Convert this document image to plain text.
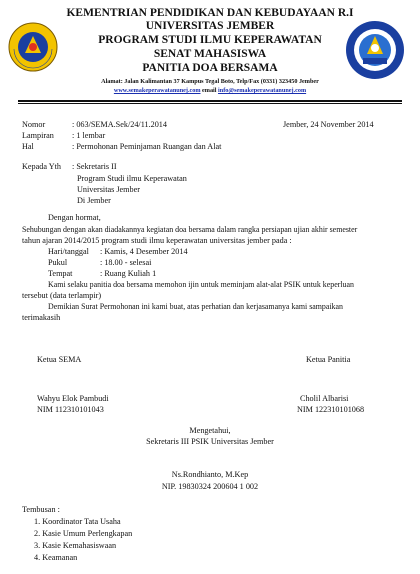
KEMENTRIAN PENDIDIKAN DAN KEBUDAYAAN R.I
UNIVERSITAS JEMBER
PROGRAM STUDI ILMU KEPERAWATAN
SENAT MAHASISWA
PANITIA DOA BERSAMA
Alamat: Jalan Kalimantan 37 Kampus Tegal Boto, Telp/Fax (0331) 323450 Jember
www.semakeperawatanunej.com email info@semakeperawatanunej.com
Nomor	: 063/SEMA.Sek/24/11.2014	Jember, 24 November 2014
Lampiran : 1 lembar
Hal	: Permohonan Peminjaman Ruangan dan Alat
Kepada Yth : Sekretaris II
Program Studi ilmu Keperawatan
Universitas Jember
Di Jember
Dengan hormat,
Sehubungan dengan akan diadakannya kegiatan doa bersama dalam rangka persiapan ujian akhir semester
tahun ajaran 2014/2015 program studi ilmu keperawatan universitas jember pada :
Hari/tanggal : Kamis, 4 Desember 2014
Pukul	: 18.00 - selesai
Tempat	: Ruang Kuliah 1
Kami selaku panitia doa bersama memohon ijin untuk meminjam alat-alat PSIK untuk keperluan
tersebut (data terlampir)
Demikian Surat Permohonan ini kami buat, atas perhatian dan kerjasamanya kami sampaikan
terimakasih
Ketua SEMA	Ketua Panitia
Wahyu Elok Pambudi
NIM 112310101043
Cholil Albarisi
NIM 122310101068
Mengetahui,
Sekretaris III PSIK Universitas Jember
Ns.Rondhianto, M.Kep
NIP. 19830324 200604 1 002
Tembusan :
1. Koordinator Tata Usaha
2. Kasie Umum Perlengkapan
3. Kasie Kemahasiswaan
4. Keamanan
